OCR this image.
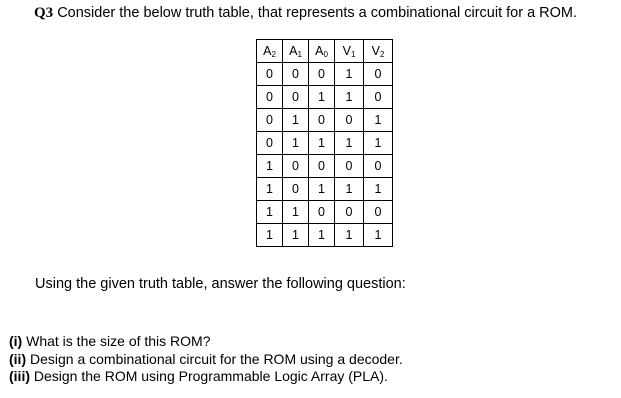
Q3 Consider the below truth table, that represents a combinational circuit for a ROM.
$A_2$	$A_1$	$A_0$	$V_1$	$V_2$
0	0	0	1	0
0	0	1	1	0
0	1	0	0	1
0	1	1	1	1
1	0	0	0	0
1	0	1	1	1
1	1	0	0	0
1	1	1	1	1
Using the given truth table, answer the following question:
(i) What is the size of this ROM?
(ii) Design a combinational circuit for the ROM using a decoder.
(iii) Design the ROM using Programmable Logic Array (PLA).
